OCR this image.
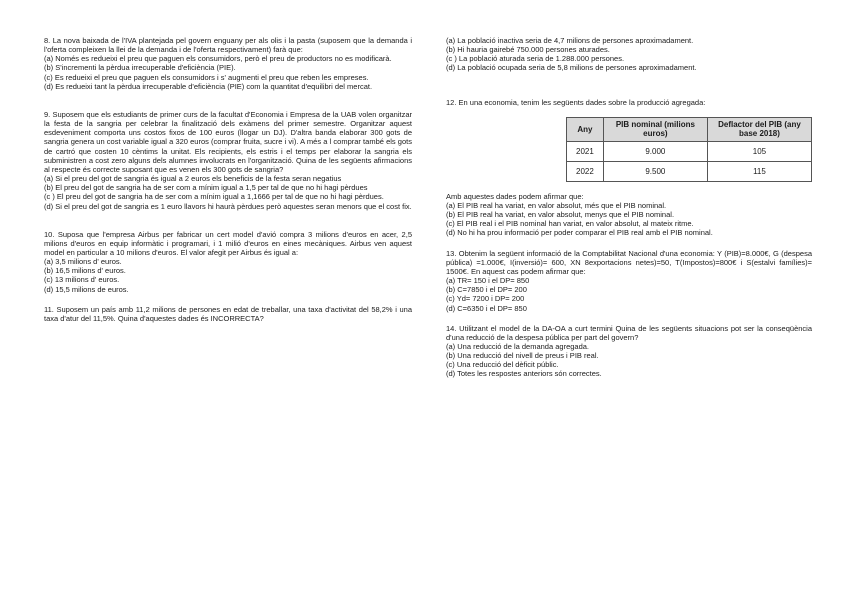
8. La nova baixada de l'IVA plantejada pel govern enguany per als olis i la pasta (suposem que la demanda i l'oferta compleixen la llei de la demanda i de l'oferta respectivament) farà que:

(a) Només es redueixi el preu que paguen els consumidors, però el preu de productors no es modificarà.

(b) S'incrementi la pèrdua irrecuperable d'eficiència (PIE).

(c) Es redueixi el preu que paguen els consumidors i s' augmenti el preu que reben les empreses.

(d) Es redueixi tant la pèrdua irrecuperable d'eficiència (PIE) com la quantitat d'equilibri del mercat.

9. Suposem que els estudiants de primer curs de la facultat d'Economia i Empresa de la UAB volen organitzar la festa de la sangria per celebrar la finalització dels exàmens del primer semestre. Organitzar aquest esdeveniment comporta uns costos fixos de 100 euros (llogar un DJ). D'altra banda elaborar 300 gots de sangria genera un cost variable igual a 320 euros (comprar fruita, sucre i vi). A més a l comprar també els gots de cartró que costen 10 cèntims la unitat. Els recipients, els estris i el temps per elaborar la sangria els subministren a cost zero alguns dels alumnes involucrats en l'organització. Quina de les següents afirmacions al respecte és correcte suposant que es venen els 300 gots de sangria?

(a) Si el preu del got de sangria és igual a 2 euros els beneficis de la festa seran negatius

(b) El preu del got de sangria ha de ser com a mínim igual a 1,5 per tal de que no hi hagi pèrdues

(c ) El preu del got de sangria ha de ser com a mínim igual a 1,1666 per tal de que no hi hagi pèrdues.

(d) Si el preu del got de sangria es 1 euro llavors hi haurà pèrdues però aquestes seran menors que el cost fix.

10. Suposa que l'empresa Airbus per fabricar un cert model d'avió compra 3 milions d'euros en acer, 2,5 milions d'euros en equip informàtic i programari, i 1 milió d'euros en eines mecàniques. Airbus ven aquest model en particular a 10 milions d'euros. El valor afegit per Airbus és igual a:

(a) 3,5 milions d' euros.

(b) 16,5 milions d' euros.

(c) 13 milions d' euros.

(d) 15,5 milions de euros.

11. Suposem un país amb 11,2 milions de persones en edat de treballar, una taxa d'activitat del 58,2% i una taxa d'atur del 11,5%. Quina d'aquestes dades és INCORRECTA?

(a) La població inactiva seria de 4,7 milions de persones aproximadament.

(b) Hi hauria gairebé 750.000 persones aturades.

(c ) La població aturada seria de 1.288.000 persones.

(d) La població ocupada seria de 5,8 milions de persones aproximadament.

12. En una economia, tenim les següents dades sobre la producció agregada:

Any	PIB nominal (milions euros)	Deflactor del PIB (any base 2018)
2021	9.000	105
2022	9.500	115

Amb aquestes dades podem afirmar que:

(a) El PIB real ha variat, en valor absolut, més que el PIB nominal.

(b) El PIB real ha variat, en valor absolut, menys que el PIB nominal.

(c) El PIB real i el PIB nominal han variat, en valor absolut, al mateix ritme.

(d) No hi ha prou informació per poder comparar el PIB real amb el PIB nominal.

13. Obtenim la següent informació de la Comptabilitat Nacional d'una economia: Y (PIB)=8.000€, G (despesa pública) =1.000€, I(inversió)= 600, XN 8exportacions netes)=50, T(Impostos)=800€ i S(estalvi famílies)= 1500€. En aquest cas podem afirmar que:

(a) TR= 150 i el DP= 850

(b) C=7850 i el DP= 200

(c) Yd= 7200 i DP= 200

(d) C=6350 i el DP= 850

14. Utilitzant el model de la DA-OA a curt termini Quina de les següents situacions pot ser la conseqüència d'una reducció de la despesa pública per part del govern?

(a) Una reducció de la demanda agregada.

(b) Una reducció del nivell de preus i PIB real.

(c) Una reducció del dèficit públic.

(d) Totes les respostes anteriors són correctes.
